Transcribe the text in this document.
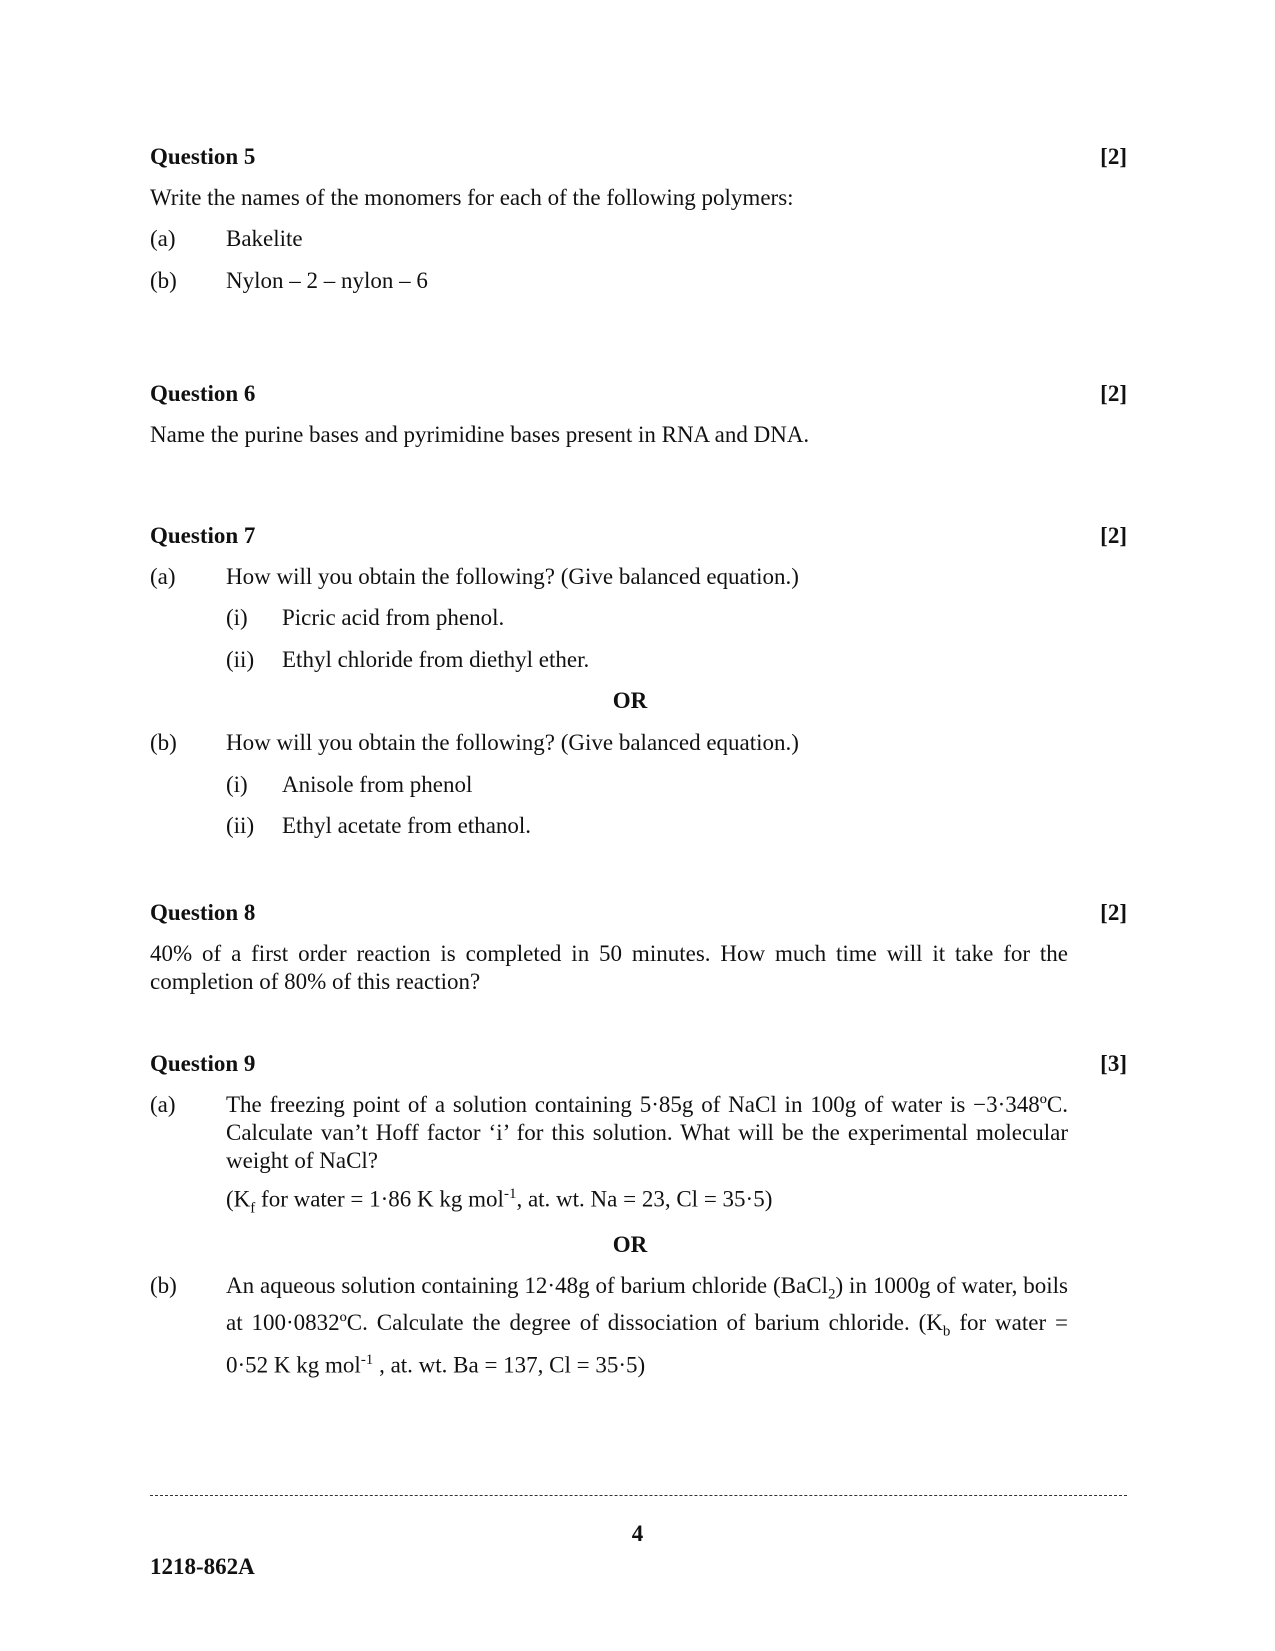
Question 5	[2]
Write the names of the monomers for each of the following polymers:
(a)	Bakelite
(b)	Nylon – 2 – nylon – 6
Question 6	[2]
Name the purine bases and pyrimidine bases present in RNA and DNA.
Question 7	[2]
(a)	How will you obtain the following? (Give balanced equation.)
(i)	Picric acid from phenol.
(ii)	Ethyl chloride from diethyl ether.
OR
(b)	How will you obtain the following? (Give balanced equation.)
(i)	Anisole from phenol
(ii)	Ethyl acetate from ethanol.
Question 8	[2]
40% of a first order reaction is completed in 50 minutes. How much time will it take for the completion of 80% of this reaction?
Question 9	[3]
(a)	The freezing point of a solution containing 5·85g of NaCl in 100g of water is −3·348ºC. Calculate van’t Hoff factor ‘i’ for this solution. What will be the experimental molecular weight of NaCl?
($K_f$ for water = 1·86 K kg mol$^{-1}$, at. wt. Na = 23, Cl = 35·5)
OR
(b)	An aqueous solution containing 12·48g of barium chloride (BaCl$_2$) in 1000g of water, boils at 100·0832ºC. Calculate the degree of dissociation of barium chloride. ($K_b$ for water = 0·52 K kg mol$^{-1}$ , at. wt. Ba = 137, Cl = 35·5)
4
1218-862A
